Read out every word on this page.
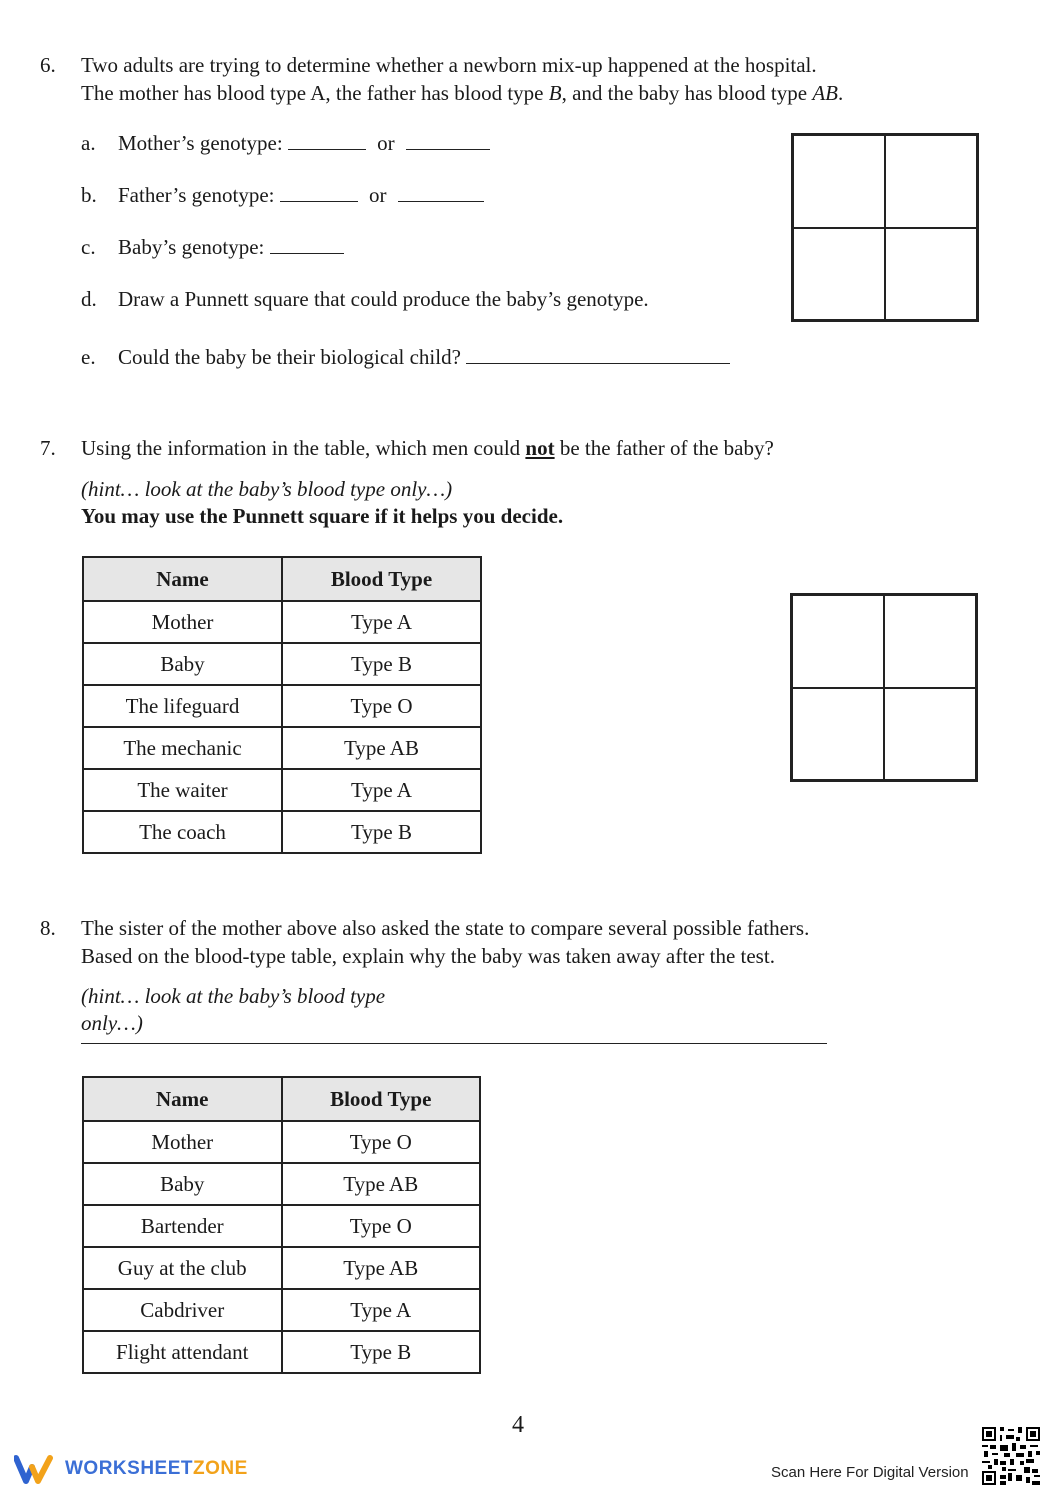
6. Two adults are trying to determine whether a newborn mix-up happened at the hospital.
The mother has blood type A, the father has blood type B, and the baby has blood type AB.
a. Mother’s genotype:	or
b. Father’s genotype:	or
c. Baby’s genotype:
d. Draw a Punnett square that could produce the baby’s genotype.
e. Could the baby be their biological child?
7. Using the information in the table, which men could not be the father of the baby?
(hint… look at the baby’s blood type only…)
You may use the Punnett square if it helps you decide.
Name	Blood Type
Mother	Type A
Baby	Type B
The lifeguard	Type O
The mechanic	Type AB
The waiter	Type A
The coach	Type B
8. The sister of the mother above also asked the state to compare several possible fathers.
Based on the blood-type table, explain why the baby was taken away after the test.
(hint… look at the baby’s blood type
only…)
Name	Blood Type
Mother	Type O
Baby	Type AB
Bartender	Type O
Guy at the club	Type AB
Cabdriver	Type A
Flight attendant	Type B
4
WORKSHEETZONE	Scan Here For Digital Version
